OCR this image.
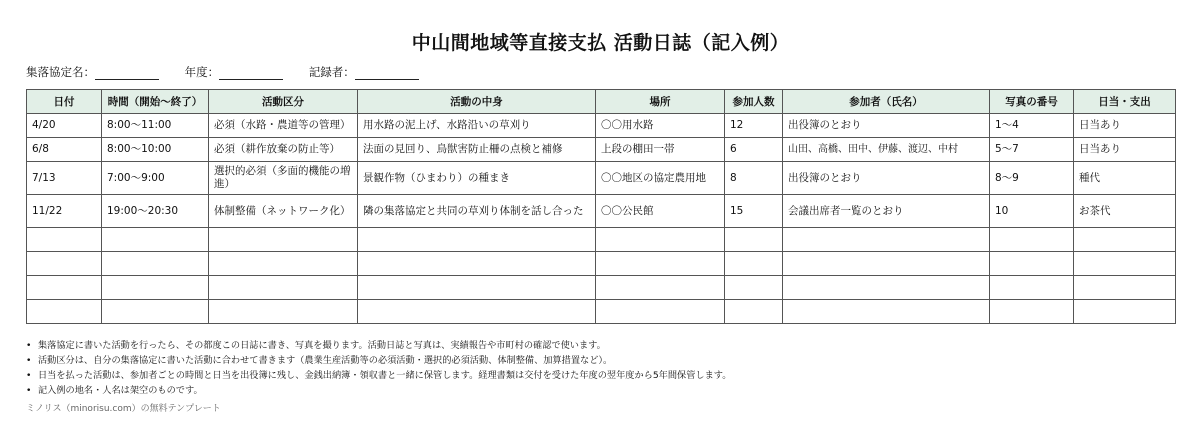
中山間地域等直接支払 活動日誌（記入例）
集落協定名：	年度：	記録者：
日付	時間（開始〜終了）	活動区分	活動の中身	場所	参加人数	参加者（氏名）	写真の番号	日当・支出
4/20	8:00〜11:00	必須（水路・農道等の管理）	用水路の泥上げ、水路沿いの草刈り	〇〇用水路	12	出役簿のとおり	1〜4	日当あり
6/8	8:00〜10:00	必須（耕作放棄の防止等）	法面の見回り、鳥獣害防止柵の点検と補修	上段の棚田一帯	6	山田、高橋、田中、伊藤、渡辺、中村	5〜7	日当あり
7/13	7:00〜9:00	選択的必須（多面的機能の増進）	景観作物（ひまわり）の種まき	〇〇地区の協定農用地	8	出役簿のとおり	8〜9	種代
11/22	19:00〜20:30	体制整備（ネットワーク化）	隣の集落協定と共同の草刈り体制を話し合った	〇〇公民館	15	会議出席者一覧のとおり	10	お茶代

• 集落協定に書いた活動を行ったら、その都度この日誌に書き、写真を撮ります。活動日誌と写真は、実績報告や市町村の確認で使います。
• 活動区分は、自分の集落協定に書いた活動に合わせて書きます（農業生産活動等の必須活動・選択的必須活動、体制整備、加算措置など）。
• 日当を払った活動は、参加者ごとの時間と日当を出役簿に残し、金銭出納簿・領収書と一緒に保管します。経理書類は交付を受けた年度の翌年度から5年間保管します。
• 記入例の地名・人名は架空のものです。
ミノリス（minorisu.com）の無料テンプレート
